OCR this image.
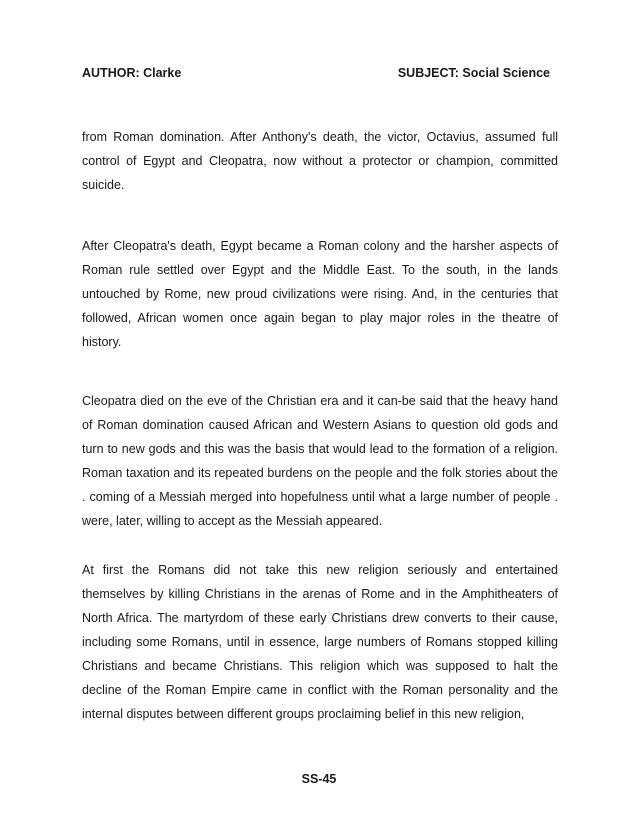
AUTHOR: Clarke	SUBJECT: Social Science

from Roman domination. After Anthony's death, the victor, Octavius, assumed full control of Egypt and Cleopatra, now without a protector or champion, committed suicide.

After Cleopatra's death, Egypt became a Roman colony and the harsher aspects of Roman rule settled over Egypt and the Middle East. To the south, in the lands untouched by Rome, new proud civilizations were rising. And, in the centuries that followed, African women once again began to play major roles in the theatre of history.

Cleopatra died on the eve of the Christian era and it can-be said that the heavy hand of Roman domination caused African and Western Asians to question old gods and turn to new gods and this was the basis that would lead to the formation of a religion. Roman taxation and its repeated burdens on the people and the folk stories about the . coming of a Messiah merged into hopefulness until what a large number of people . were, later, willing to accept as the Messiah appeared.

At first the Romans did not take this new religion seriously and entertained themselves by killing Christians in the arenas of Rome and in the Amphitheaters of North Africa. The martyrdom of these early Christians drew converts to their cause, including some Romans, until in essence, large numbers of Romans stopped killing Christians and became Christians. This religion which was supposed to halt the decline of the Roman Empire came in conflict with the Roman personality and the internal disputes between different groups proclaiming belief in this new religion,

SS-45
